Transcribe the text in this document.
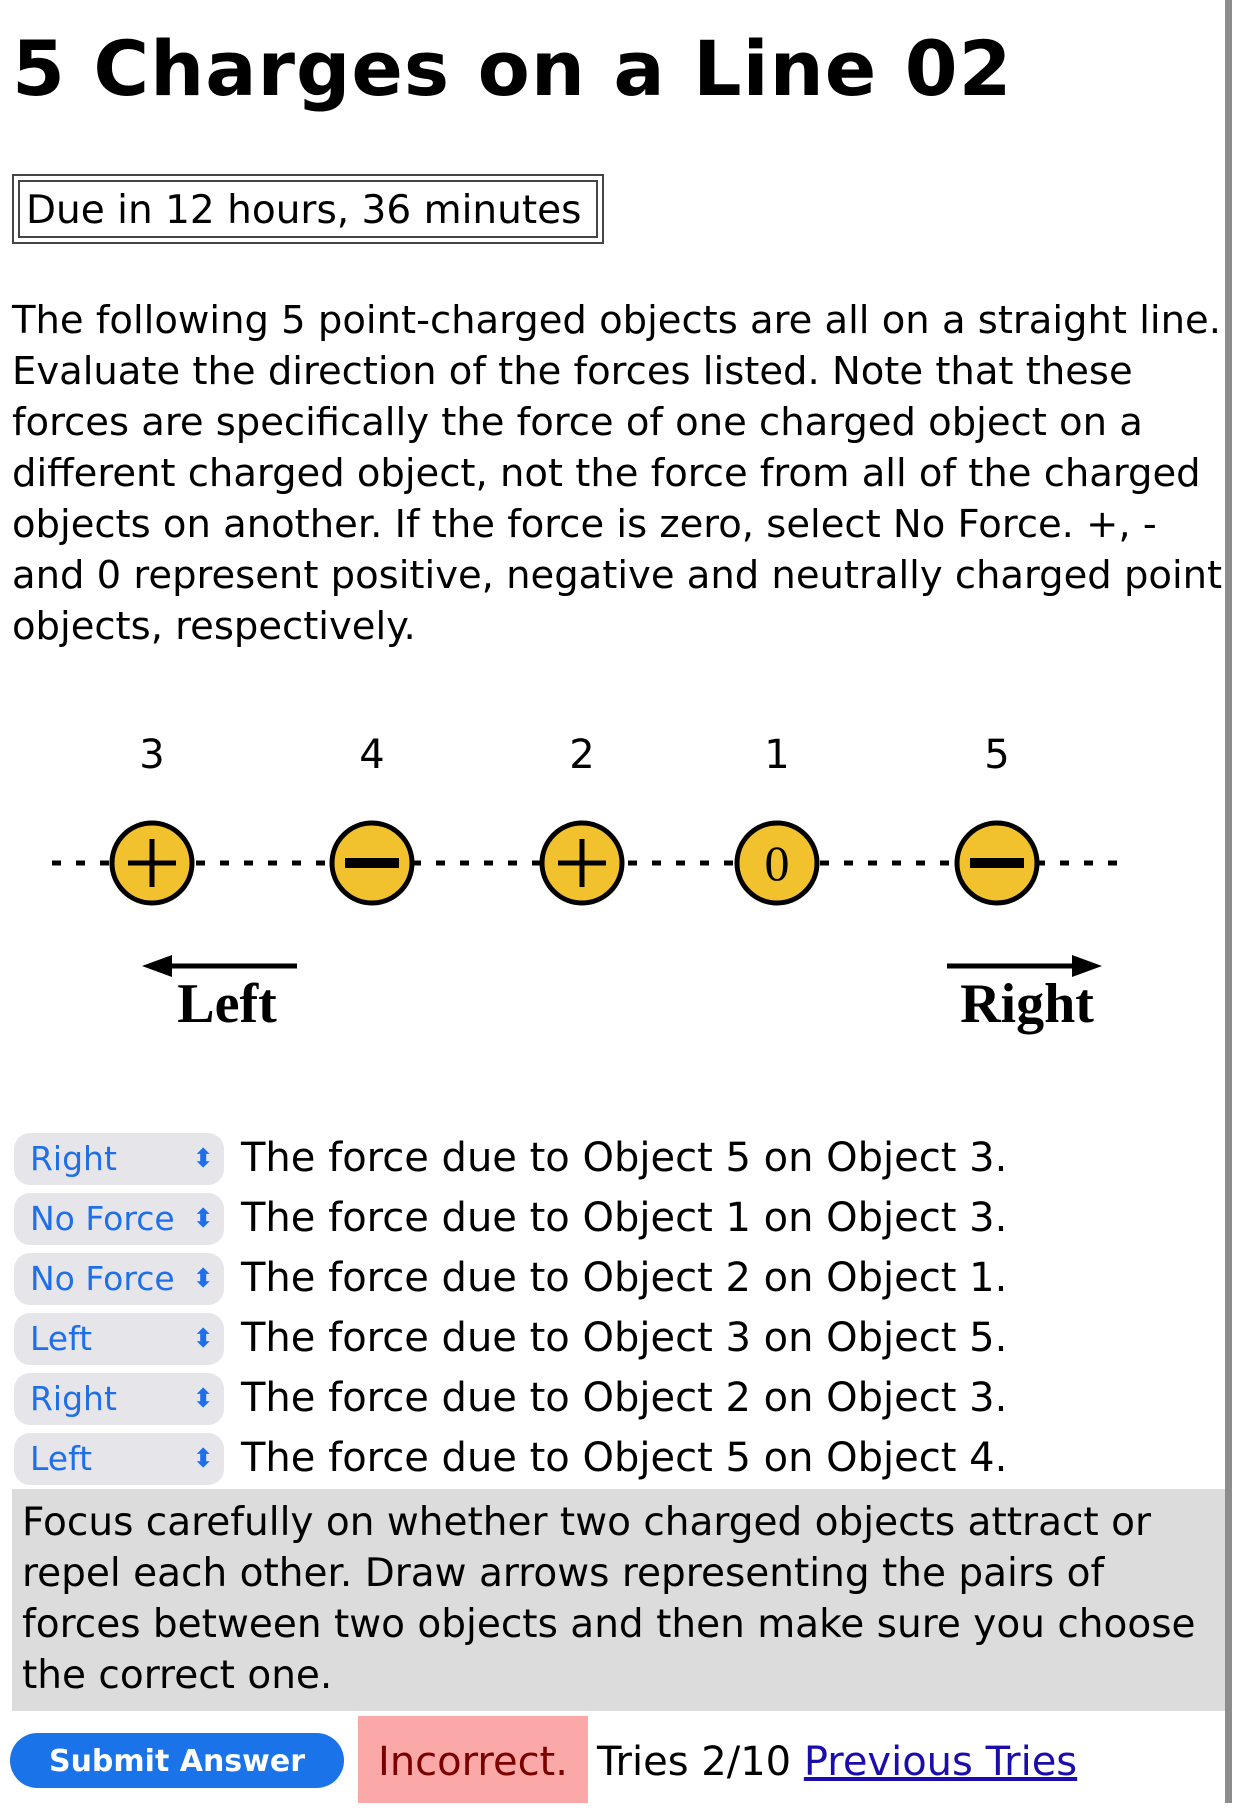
5 Charges on a Line 02
Due in 12 hours, 36 minutes
The following 5 point-charged objects are all on a straight line. Evaluate the direction of the forces listed. Note that these forces are specifically the force of one charged object on a different charged object, not the force from all of the charged objects on another. If the force is zero, select No Force. +, - and 0 represent positive, negative and neutrally charged point objects, respectively.
3	4	2	1
0
5
Left	Right
Right	⬍ The force due to Object 5 on Object 3.
No Force ⬍ The force due to Object 1 on Object 3.
No Force ⬍ The force due to Object 2 on Object 1.
Left	⬍ The force due to Object 3 on Object 5.
Right	⬍ The force due to Object 2 on Object 3.
Left	⬍ The force due to Object 5 on Object 4.
Focus carefully on whether two charged objects attract or repel each other. Draw arrows representing the pairs of forces between two objects and then make sure you choose the correct one.
Submit Answer	Incorrect. Tries 2/10 Previous Tries
